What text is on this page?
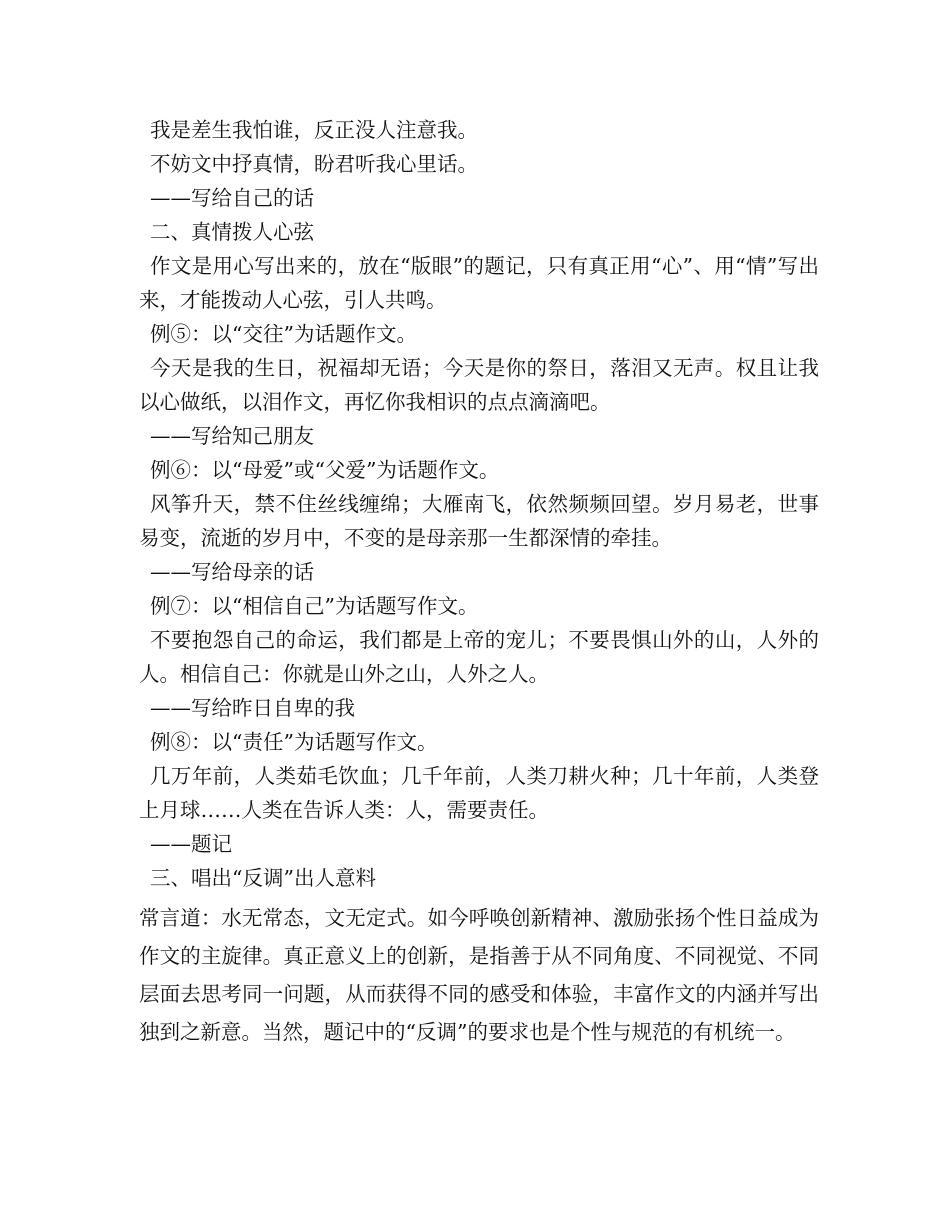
我是差生我怕谁，反正没人注意我。

不妨文中抒真情，盼君听我心里话。

——写给自己的话

二、真情拨人心弦

作文是用心写出来的，放在“版眼”的题记，只有真正用“心”、用“情”写出来，才能拨动人心弦，引人共鸣。

例⑤：以“交往”为话题作文。

今天是我的生日，祝福却无语；今天是你的祭日，落泪又无声。权且让我以心做纸，以泪作文，再忆你我相识的点点滴滴吧。

——写给知己朋友

例⑥：以“母爱”或“父爱”为话题作文。

风筝升天，禁不住丝线缠绵；大雁南飞，依然频频回望。岁月易老，世事易变，流逝的岁月中，不变的是母亲那一生都深情的牵挂。

——写给母亲的话

例⑦：以“相信自己”为话题写作文。

不要抱怨自己的命运，我们都是上帝的宠儿；不要畏惧山外的山，人外的人。相信自己：你就是山外之山，人外之人。

——写给昨日自卑的我

例⑧：以“责任”为话题写作文。

几万年前，人类茹毛饮血；几千年前，人类刀耕火种；几十年前，人类登上月球……人类在告诉人类：人，需要责任。

——题记

三、唱出“反调”出人意料

常言道：水无常态，文无定式。如今呼唤创新精神、激励张扬个性日益成为作文的主旋律。真正意义上的创新，是指善于从不同角度、不同视觉、不同层面去思考同一问题，从而获得不同的感受和体验，丰富作文的内涵并写出独到之新意。当然，题记中的“反调”的要求也是个性与规范的有机统一。
